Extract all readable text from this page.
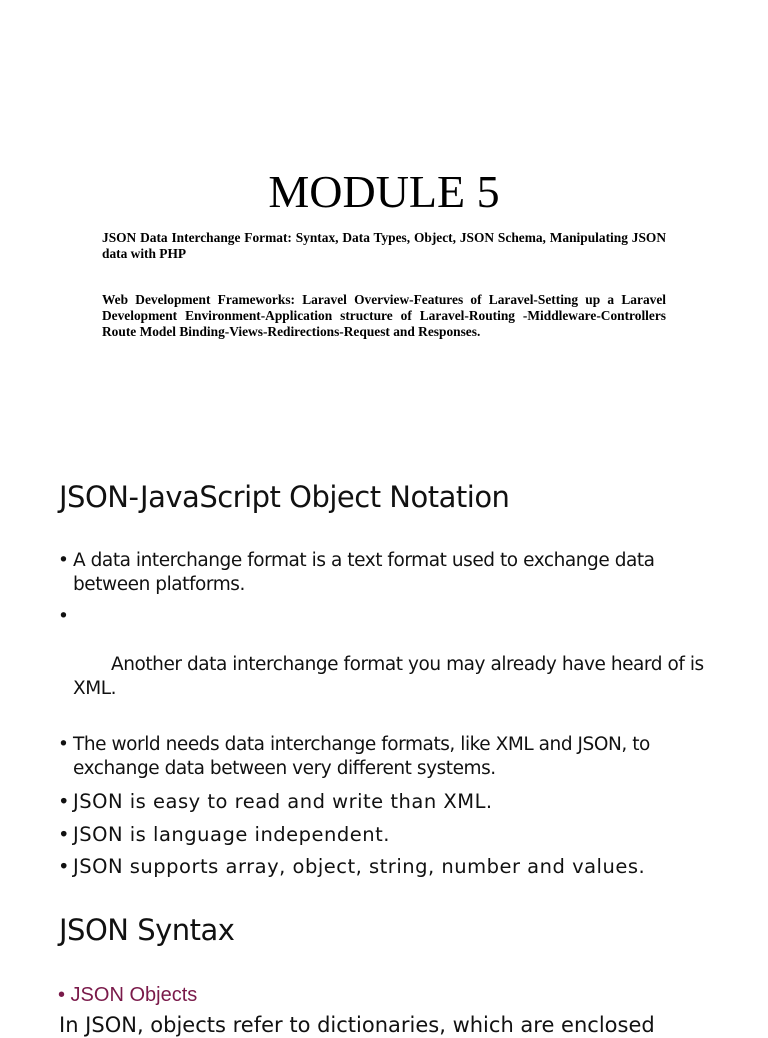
MODULE 5

JSON Data Interchange Format: Syntax, Data Types, Object, JSON Schema, Manipulating JSON data with PHP

Web Development Frameworks: Laravel Overview-Features of Laravel-Setting up a Laravel Development Environment-Application structure of Laravel-Routing -Middleware-Controllers Route Model Binding-Views-Redirections-Request and Responses.

JSON-JavaScript Object Notation
• A data interchange format is a text format used to exchange data between platforms.

•

Another data interchange format you may already have heard of is XML.

• The world needs data interchange formats, like XML and JSON, to exchange data between very different systems.
• JSON is easy to read and write than XML.
• JSON is language independent.
• JSON supports array, object, string, number and values.
JSON Syntax
• JSON Objects
In JSON, objects refer to dictionaries, which are enclosed
